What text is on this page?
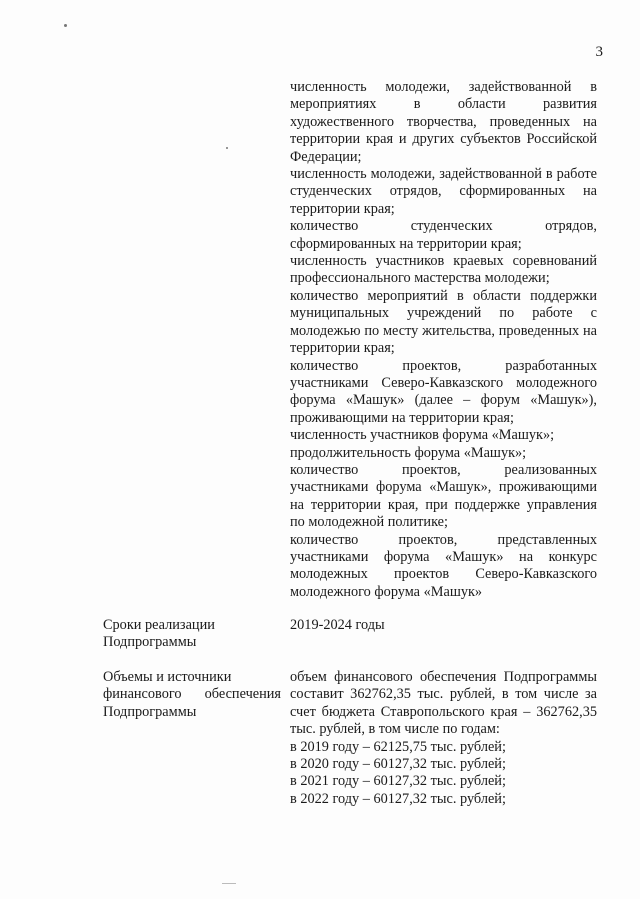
3

численность молодежи, задействованной в мероприятиях в области развития художественного творчества, проведенных на территории края и других субъектов Российской Федерации;

численность молодежи, задействованной в работе студенческих отрядов, сформированных на территории края;

количество студенческих отрядов, сформированных на территории края;

численность участников краевых соревнований профессионального мастерства молодежи;

количество мероприятий в области поддержки муниципальных учреждений по работе с молодежью по месту жительства, проведенных на территории края;

количество проектов, разработанных участниками Северо-Кавказского молодежного форума «Машук» (далее – форум «Машук»), проживающими на территории края;

численность участников форума «Машук»;

продолжительность форума «Машук»;

количество проектов, реализованных участниками форума «Машук», проживающими на территории края, при поддержке управления по молодежной политике;

количество проектов, представленных участниками форума «Машук» на конкурс молодежных проектов Северо-Кавказского молодежного форума «Машук»

Сроки реализации
Подпрограммы

2019-2024 годы

Объемы и источники
финансового обеспечения
Подпрограммы

объем финансового обеспечения Подпрограммы составит 362762,35 тыс. рублей, в том числе за счет бюджета Ставропольского края – 362762,35 тыс. рублей, в том числе по годам:

в 2019 году – 62125,75 тыс. рублей;
в 2020 году – 60127,32 тыс. рублей;
в 2021 году – 60127,32 тыс. рублей;
в 2022 году – 60127,32 тыс. рублей;
